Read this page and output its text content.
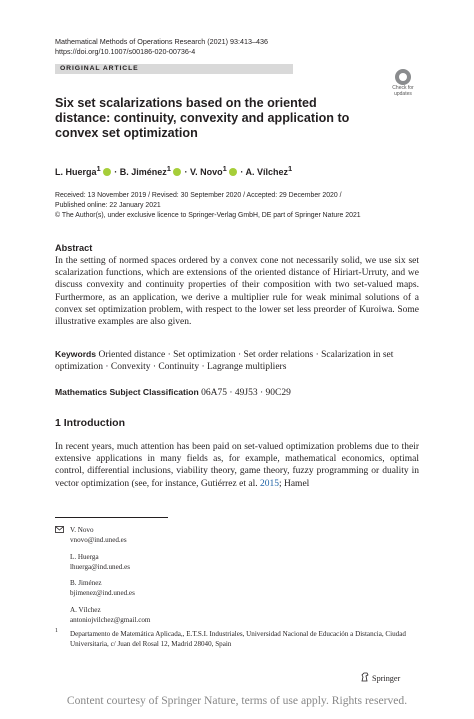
Mathematical Methods of Operations Research (2021) 93:413–436
https://doi.org/10.1007/s00186-020-00736-4
ORIGINAL ARTICLE
Check for
updates
Six set scalarizations based on the oriented distance: continuity, convexity and application to convex set optimization
L. Huerga$^1$ · B. Jiménez$^1$ · V. Novo$^1$ · A. Vílchez$^1$
Received: 13 November 2019 / Revised: 30 September 2020 / Accepted: 29 December 2020 /
Published online: 22 January 2021
© The Author(s), under exclusive licence to Springer-Verlag GmbH, DE part of Springer Nature 2021
Abstract
In the setting of normed spaces ordered by a convex cone not necessarily solid, we use six set scalarization functions, which are extensions of the oriented distance of Hiriart-Urruty, and we discuss convexity and continuity properties of their composition with two set-valued maps. Furthermore, as an application, we derive a multiplier rule for weak minimal solutions of a convex set optimization problem, with respect to the lower set less preorder of Kuroiwa. Some illustrative examples are also given.
Keywords Oriented distance · Set optimization · Set order relations · Scalarization in set optimization · Convexity · Continuity · Lagrange multipliers
Mathematics Subject Classification 06A75 · 49J53 · 90C29
1 Introduction
In recent years, much attention has been paid on set-valued optimization problems due to their extensive applications in many fields as, for example, mathematical economics, optimal control, differential inclusions, viability theory, game theory, fuzzy programming or duality in vector optimization (see, for instance, Gutiérrez et al. 2015; Hamel
V. Novo
vnovo@ind.uned.es
L. Huerga
lhuerga@ind.uned.es
B. Jiménez
bjimenez@ind.uned.es
A. Vílchez
antoniojvilchez@gmail.com
1 Departamento de Matemática Aplicada,, E.T.S.I. Industriales, Universidad Nacional de Educación a Distancia, Ciudad Universitaria, c/ Juan del Rosal 12, Madrid 28040, Spain
Springer
Content courtesy of Springer Nature, terms of use apply. Rights reserved.
